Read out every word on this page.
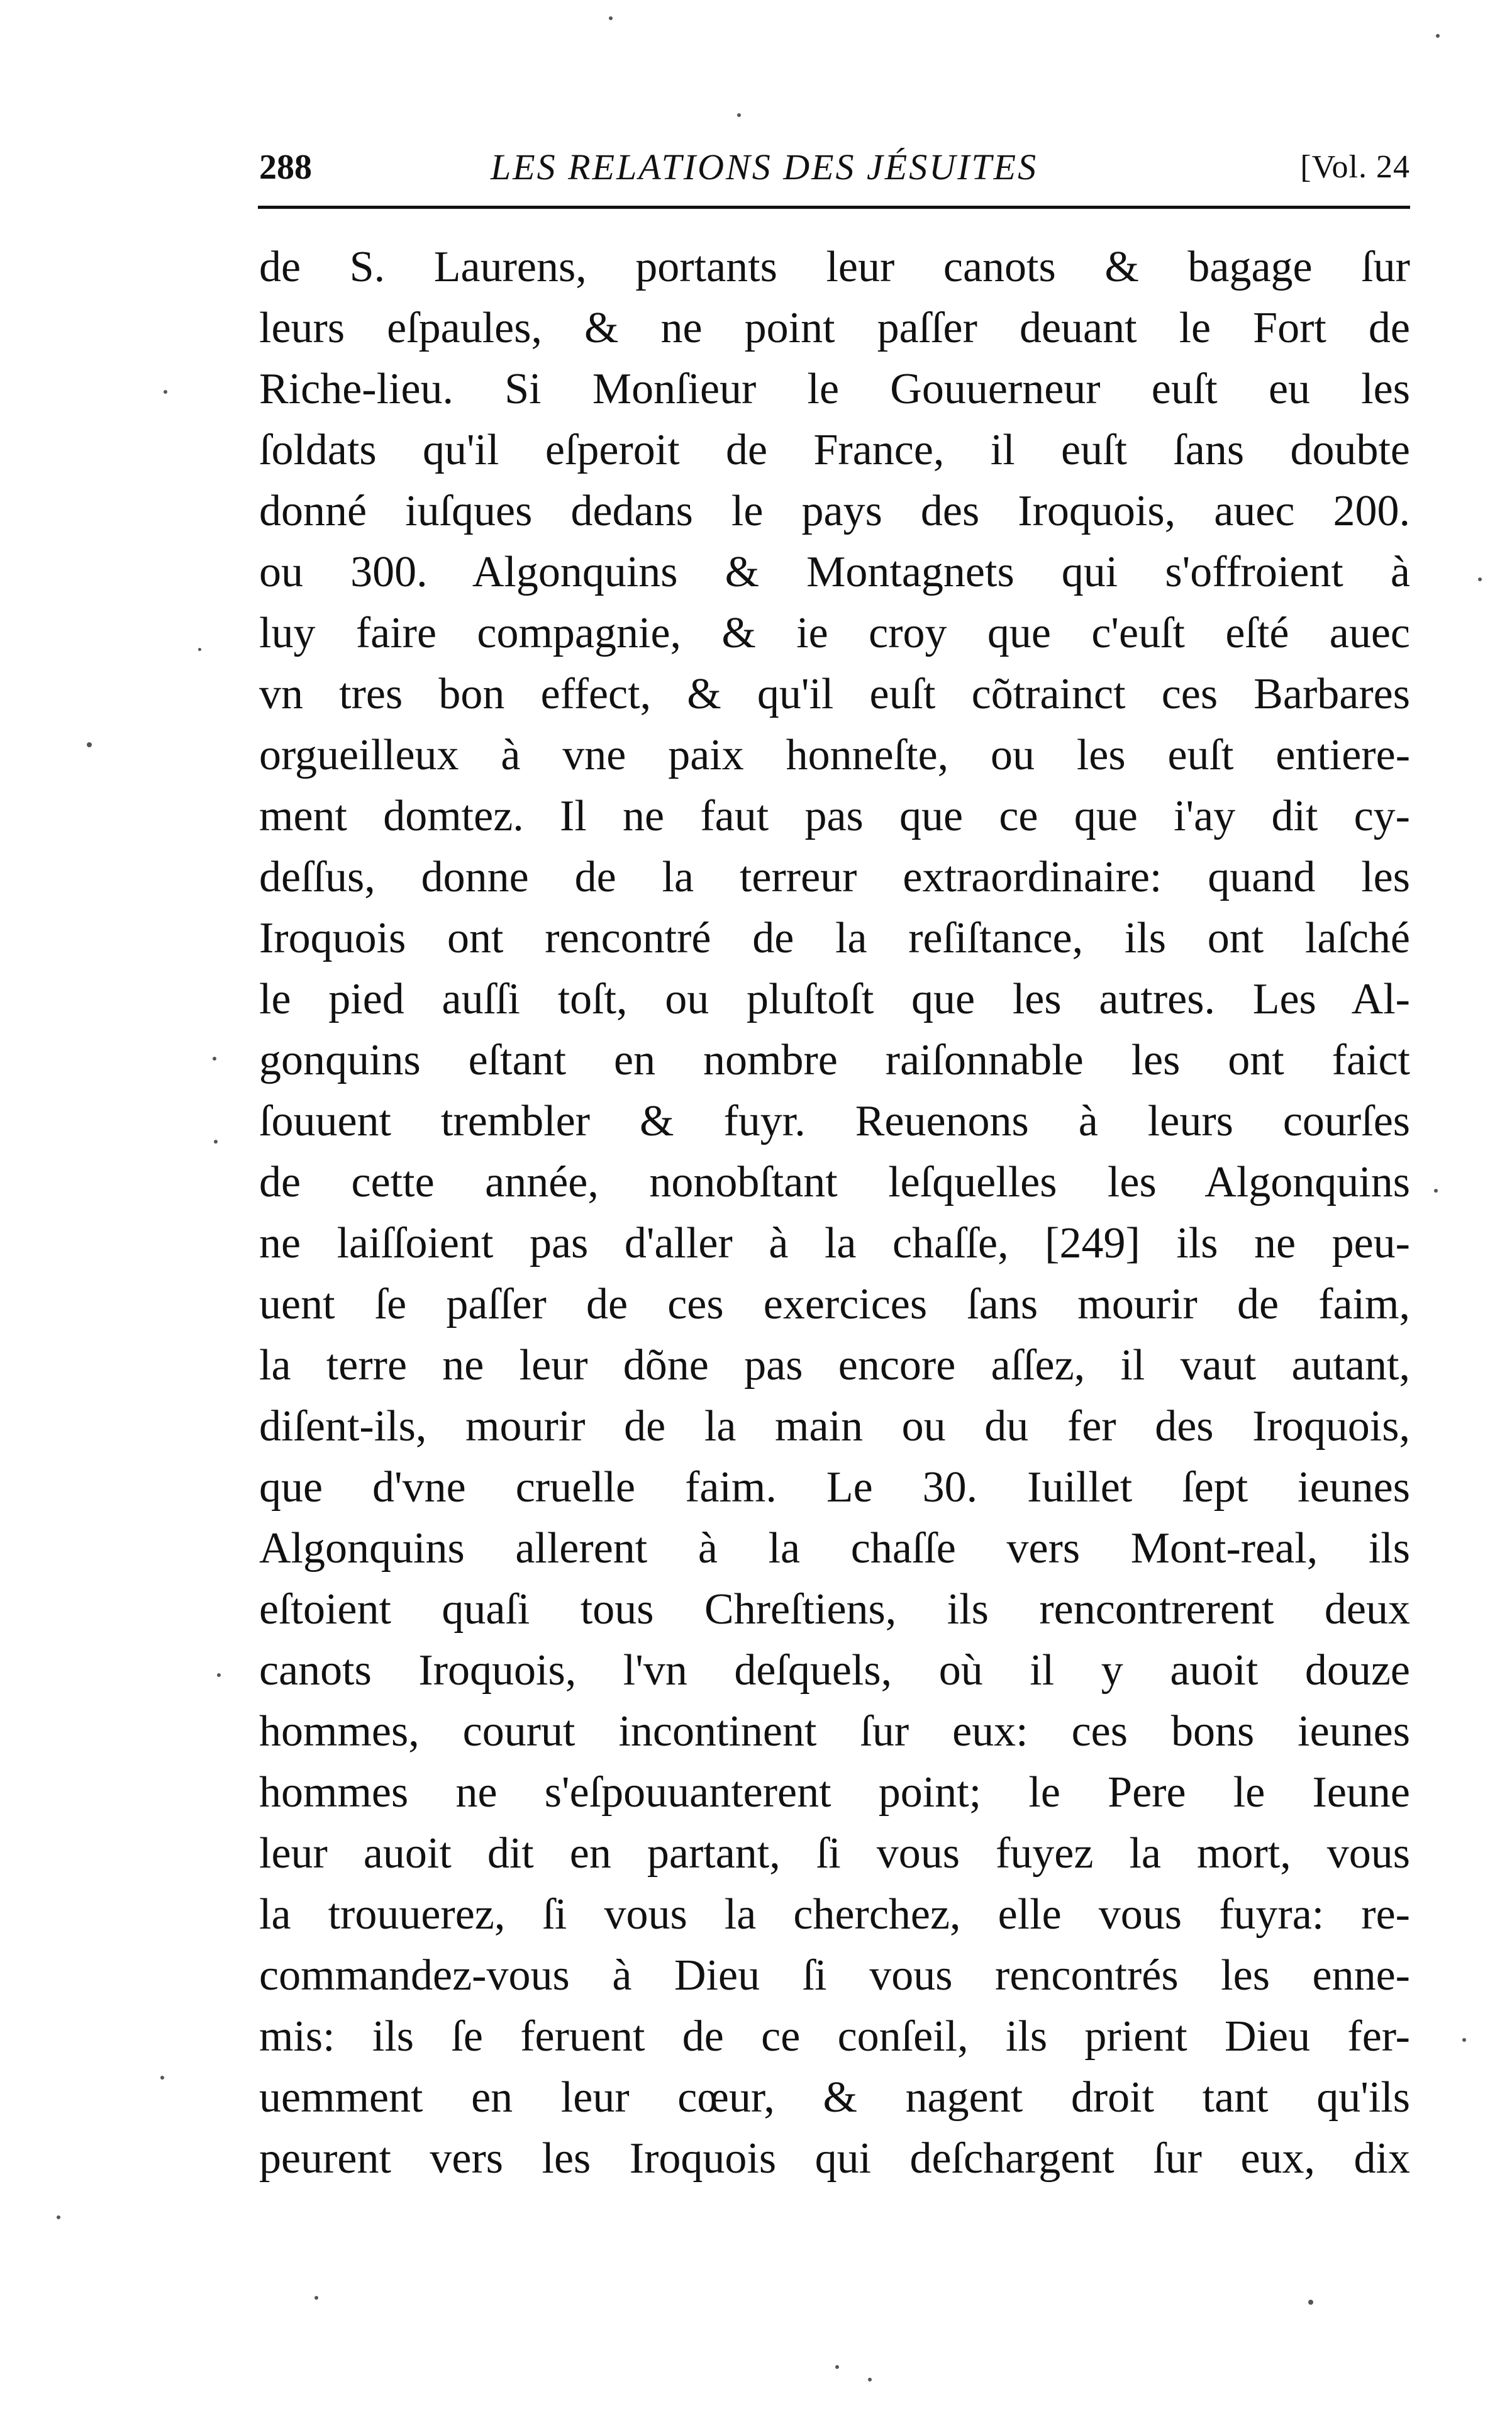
288	LES RELATIONS DES JÉSUITES	[Vol. 24
de S. Laurens, portants leur canots & bagage ſur
leurs eſpaules, & ne point paſſer deuant le Fort de
Riche-lieu. Si Monſieur le Gouuerneur euſt eu les
ſoldats qu'il eſperoit de France, il euſt ſans doubte
donné iuſques dedans le pays des Iroquois, auec 200.
ou 300. Algonquins & Montagnets qui s'offroient à
luy faire compagnie, & ie croy que c'euſt eſté auec
vn tres bon effect, & qu'il euſt cõtrainct ces Barbares
orgueilleux à vne paix honneſte, ou les euſt entiere-
ment domtez. Il ne faut pas que ce que i'ay dit cy-
deſſus, donne de la terreur extraordinaire: quand les
Iroquois ont rencontré de la reſiſtance, ils ont laſché
le pied auſſi toſt, ou pluſtoſt que les autres. Les Al-
gonquins eſtant en nombre raiſonnable les ont faict
ſouuent trembler & fuyr. Reuenons à leurs courſes
de cette année, nonobſtant leſquelles les Algonquins
ne laiſſoient pas d'aller à la chaſſe, [249] ils ne peu-
uent ſe paſſer de ces exercices ſans mourir de faim,
la terre ne leur dõne pas encore aſſez, il vaut autant,
diſent-ils, mourir de la main ou du fer des Iroquois,
que d'vne cruelle faim. Le 30. Iuillet ſept ieunes
Algonquins allerent à la chaſſe vers Mont-real, ils
eſtoient quaſi tous Chreſtiens, ils rencontrerent deux
canots Iroquois, l'vn deſquels, où il y auoit douze
hommes, courut incontinent ſur eux: ces bons ieunes
hommes ne s'eſpouuanterent point; le Pere le Ieune
leur auoit dit en partant, ſi vous fuyez la mort, vous
la trouuerez, ſi vous la cherchez, elle vous fuyra: re-
commandez-vous à Dieu ſi vous rencontrés les enne-
mis: ils ſe feruent de ce conſeil, ils prient Dieu fer-
uemment en leur cœur, & nagent droit tant qu'ils
peurent vers les Iroquois qui deſchargent ſur eux, dix
